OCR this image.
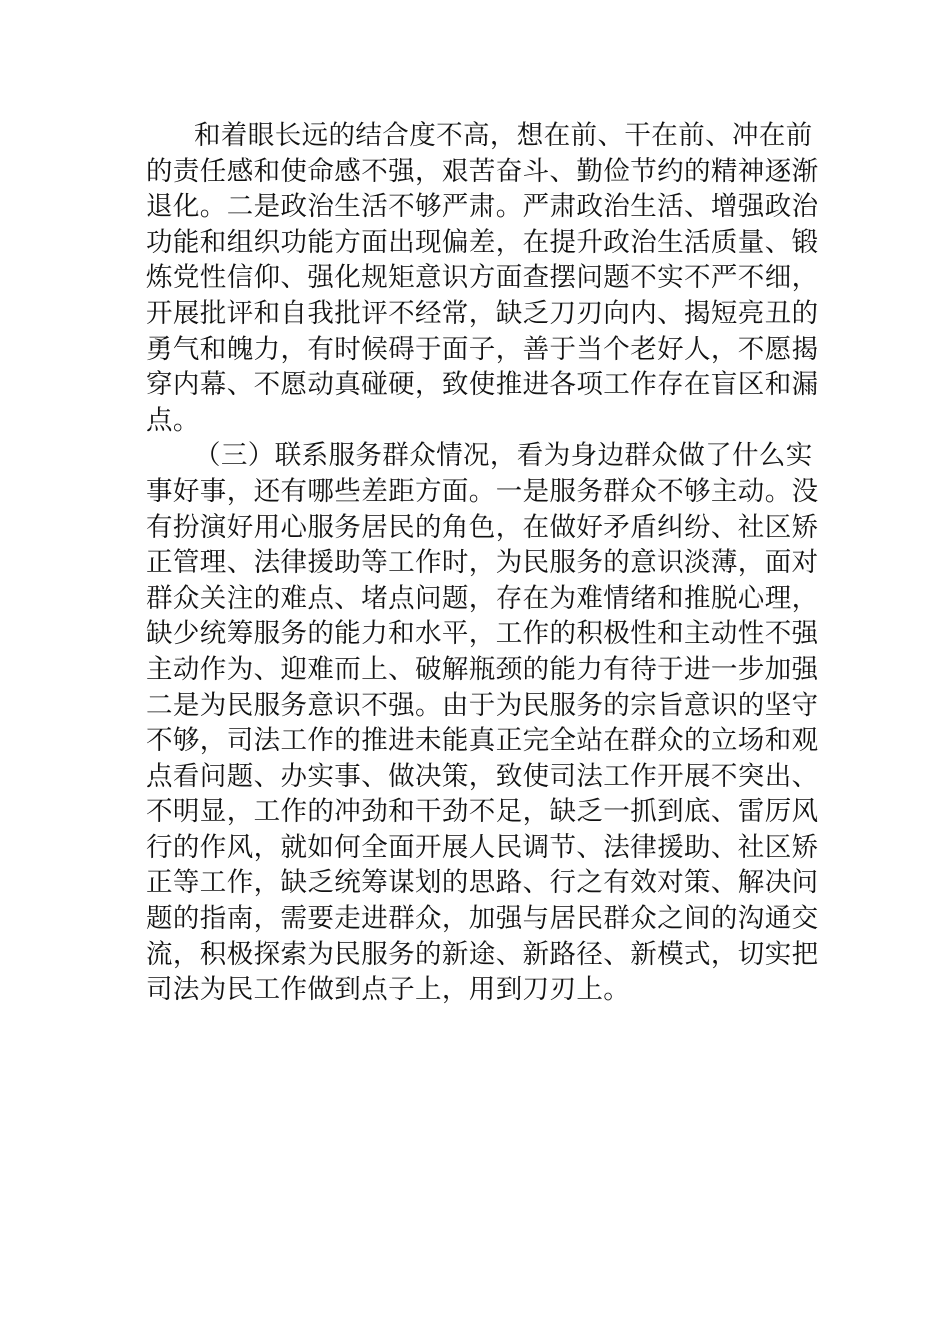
和着眼长远的结合度不高，想在前、干在前、冲在前
的责任感和使命感不强，艰苦奋斗、勤俭节约的精神逐渐
退化。二是政治生活不够严肃。严肃政治生活、增强政治
功能和组织功能方面出现偏差，在提升政治生活质量、锻
炼党性信仰、强化规矩意识方面查摆问题不实不严不细，
开展批评和自我批评不经常，缺乏刀刃向内、揭短亮丑的
勇气和魄力，有时候碍于面子，善于当个老好人，不愿揭
穿内幕、不愿动真碰硬，致使推进各项工作存在盲区和漏
点。
（三）联系服务群众情况，看为身边群众做了什么实
事好事，还有哪些差距方面。一是服务群众不够主动。没
有扮演好用心服务居民的角色，在做好矛盾纠纷、社区矫
正管理、法律援助等工作时，为民服务的意识淡薄，面对
群众关注的难点、堵点问题，存在为难情绪和推脱心理，
缺少统筹服务的能力和水平，工作的积极性和主动性不强
主动作为、迎难而上、破解瓶颈的能力有待于进一步加强
二是为民服务意识不强。由于为民服务的宗旨意识的坚守
不够，司法工作的推进未能真正完全站在群众的立场和观
点看问题、办实事、做决策，致使司法工作开展不突出、
不明显，工作的冲劲和干劲不足，缺乏一抓到底、雷厉风
行的作风，就如何全面开展人民调节、法律援助、社区矫
正等工作，缺乏统筹谋划的思路、行之有效对策、解决问
题的指南，需要走进群众，加强与居民群众之间的沟通交
流，积极探索为民服务的新途、新路径、新模式，切实把
司法为民工作做到点子上，用到刀刃上。
